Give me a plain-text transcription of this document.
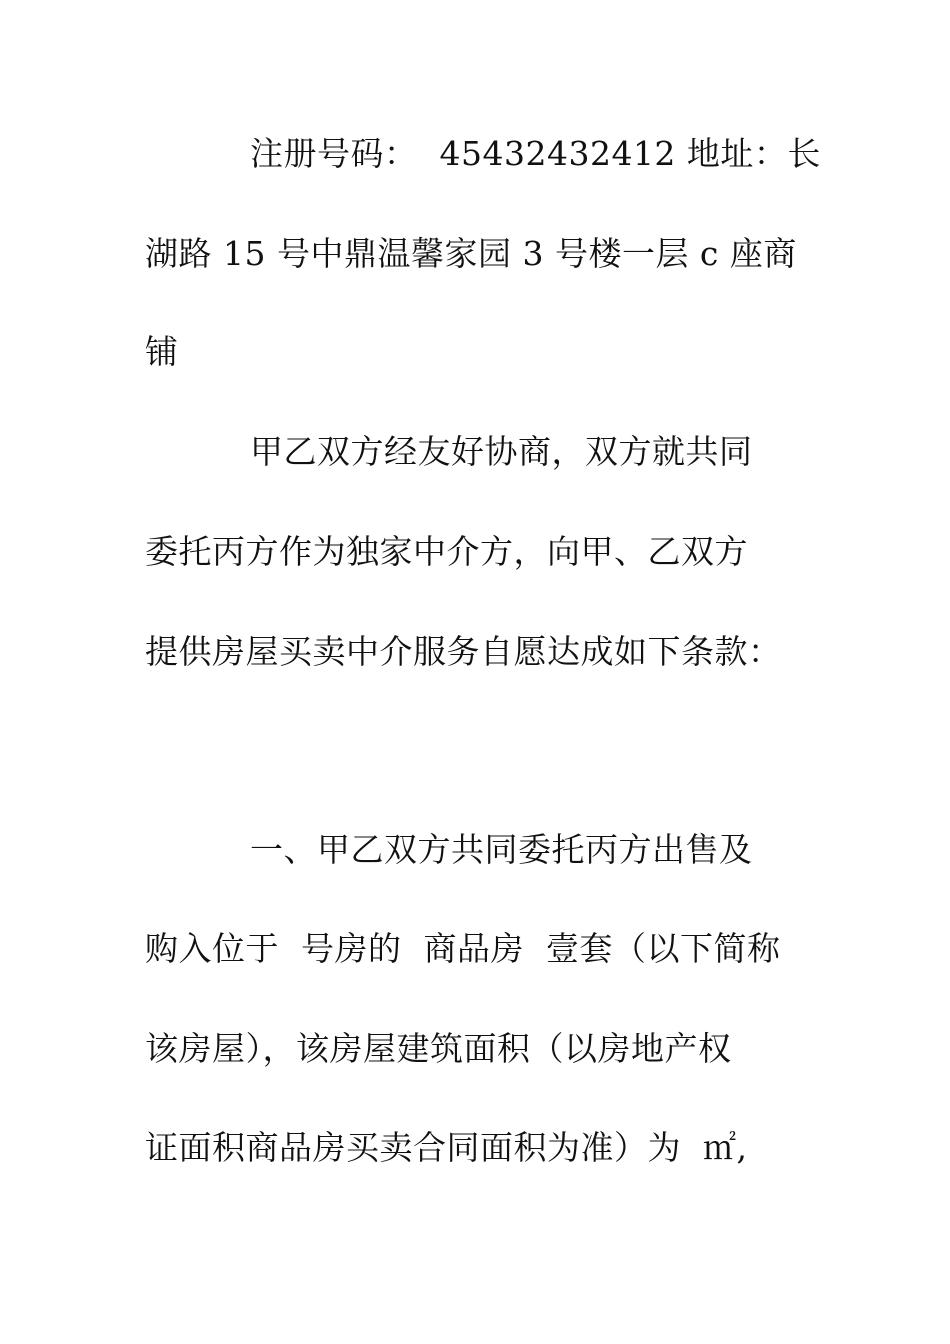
注册号码：  45432432412 地址：长
湖路 15 号中鼎温馨家园 3 号楼一层 c 座商
铺
甲乙双方经友好协商，双方就共同
委托丙方作为独家中介方，向甲、乙双方
提供房屋买卖中介服务自愿达成如下条款：
一、甲乙双方共同委托丙方出售及
购入位于  号房的  商品房  壹套（以下简称
该房屋），该房屋建筑面积（以房地产权
证面积商品房买卖合同面积为准）为  ㎡,
